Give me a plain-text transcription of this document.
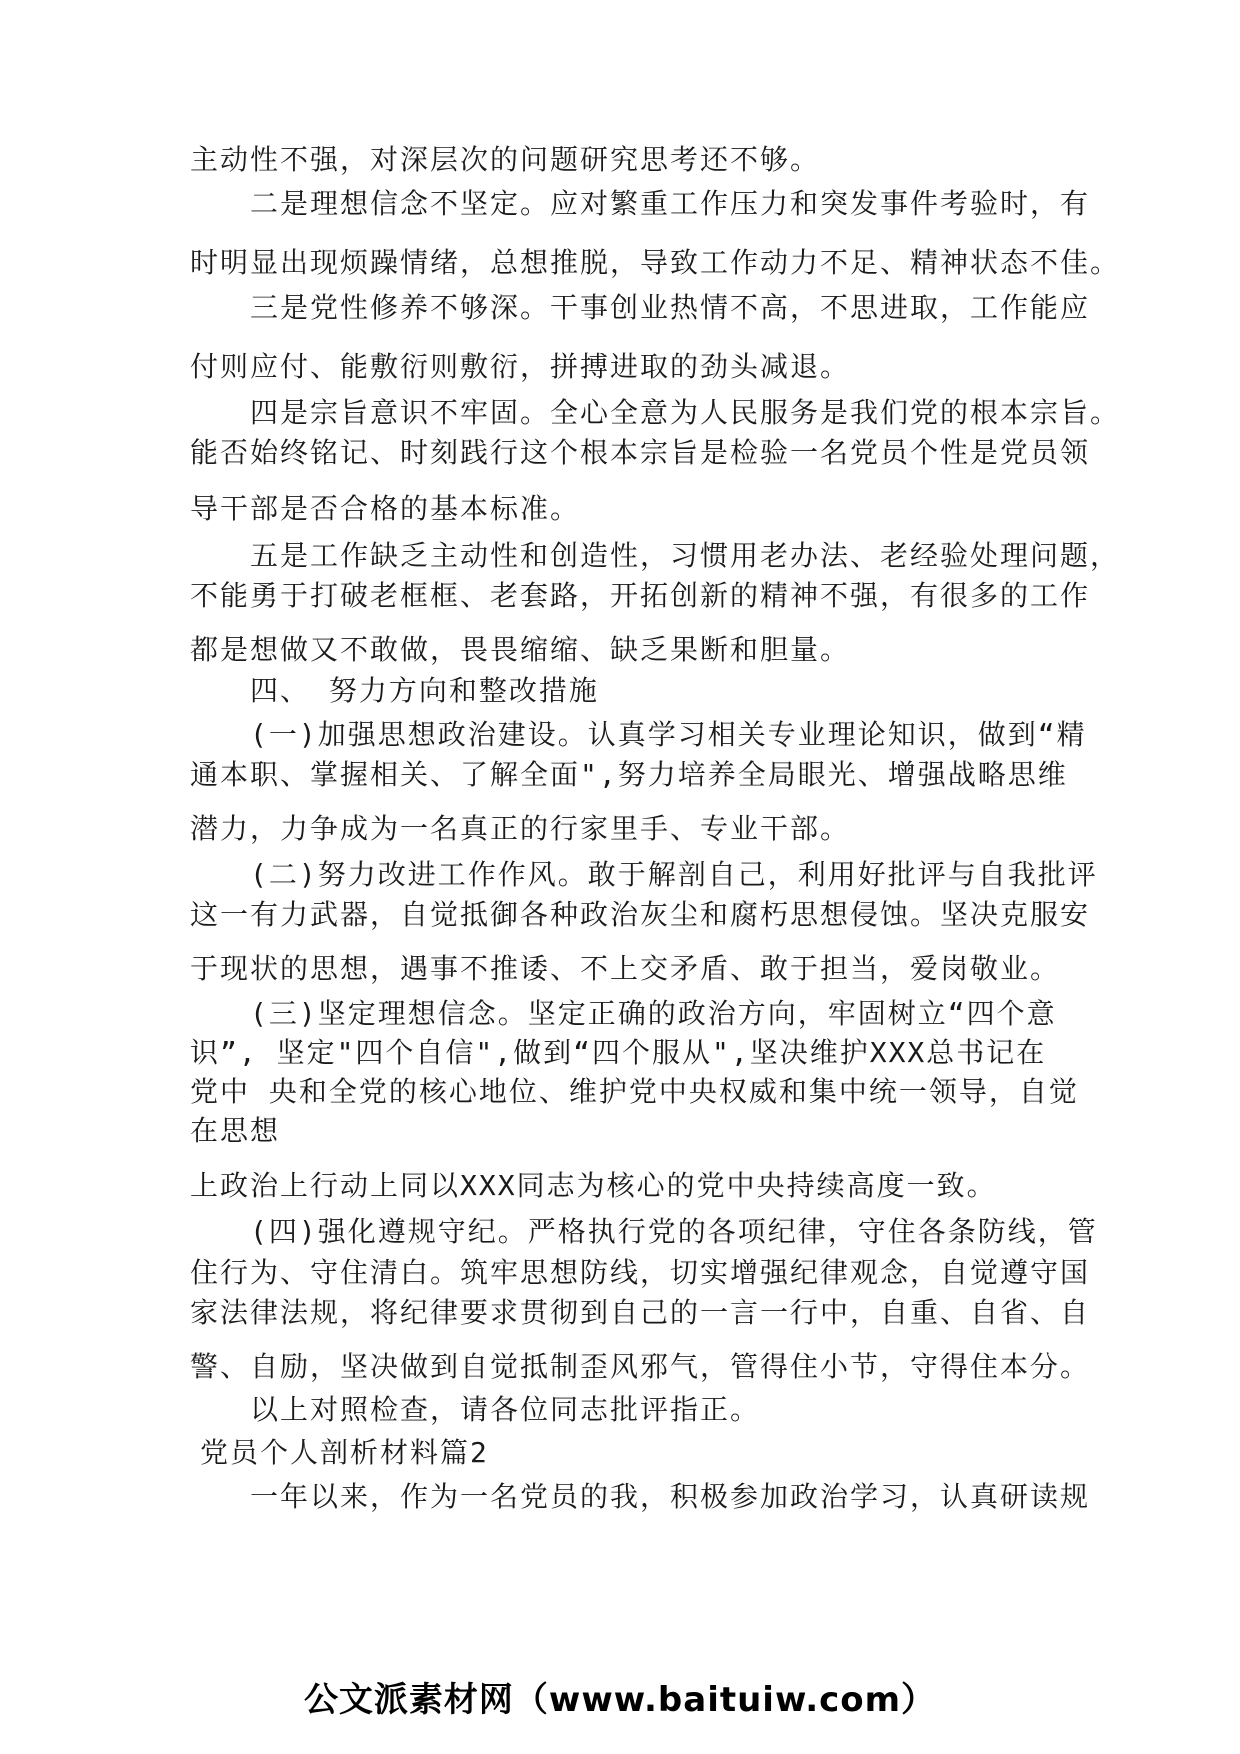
主动性不强，对深层次的问题研究思考还不够。
二是理想信念不坚定。应对繁重工作压力和突发事件考验时，有
时明显出现烦躁情绪，总想推脱，导致工作动力不足、精神状态不佳。
三是党性修养不够深。干事创业热情不高，不思进取，工作能应
付则应付、能敷衍则敷衍，拼搏进取的劲头减退。
四是宗旨意识不牢固。全心全意为人民服务是我们党的根本宗旨。
能否始终铭记、时刻践行这个根本宗旨是检验一名党员个性是党员领
导干部是否合格的基本标准。
五是工作缺乏主动性和创造性，习惯用老办法、老经验处理问题，
不能勇于打破老框框、老套路，开拓创新的精神不强，有很多的工作
都是想做又不敢做，畏畏缩缩、缺乏果断和胆量。
四、 努力方向和整改措施
(一)加强思想政治建设。认真学习相关专业理论知识，做到“精
通本职、掌握相关、了解全面",努力培养全局眼光、增强战略思维
潜力，力争成为一名真正的行家里手、专业干部。
(二)努力改进工作作风。敢于解剖自己，利用好批评与自我批评
这一有力武器，自觉抵御各种政治灰尘和腐朽思想侵蚀。坚决克服安
于现状的思想，遇事不推诿、不上交矛盾、敢于担当，爱岗敬业。
(三)坚定理想信念。坚定正确的政治方向，牢固树立“四个意
识”, 坚定"四个自信",做到“四个服从",坚决维护XXX总书记在
党中 央和全党的核心地位、维护党中央权威和集中统一领导，自觉
在思想
上政治上行动上同以XXX同志为核心的党中央持续高度一致。
(四)强化遵规守纪。严格执行党的各项纪律，守住各条防线，管
住行为、守住清白。筑牢思想防线，切实增强纪律观念，自觉遵守国
家法律法规，将纪律要求贯彻到自己的一言一行中，自重、自省、自
警、自励，坚决做到自觉抵制歪风邪气，管得住小节，守得住本分。
以上对照检查，请各位同志批评指正。
党员个人剖析材料篇2
一年以来，作为一名党员的我，积极参加政治学习，认真研读规
公文派素材网（www.baituiw.com）
